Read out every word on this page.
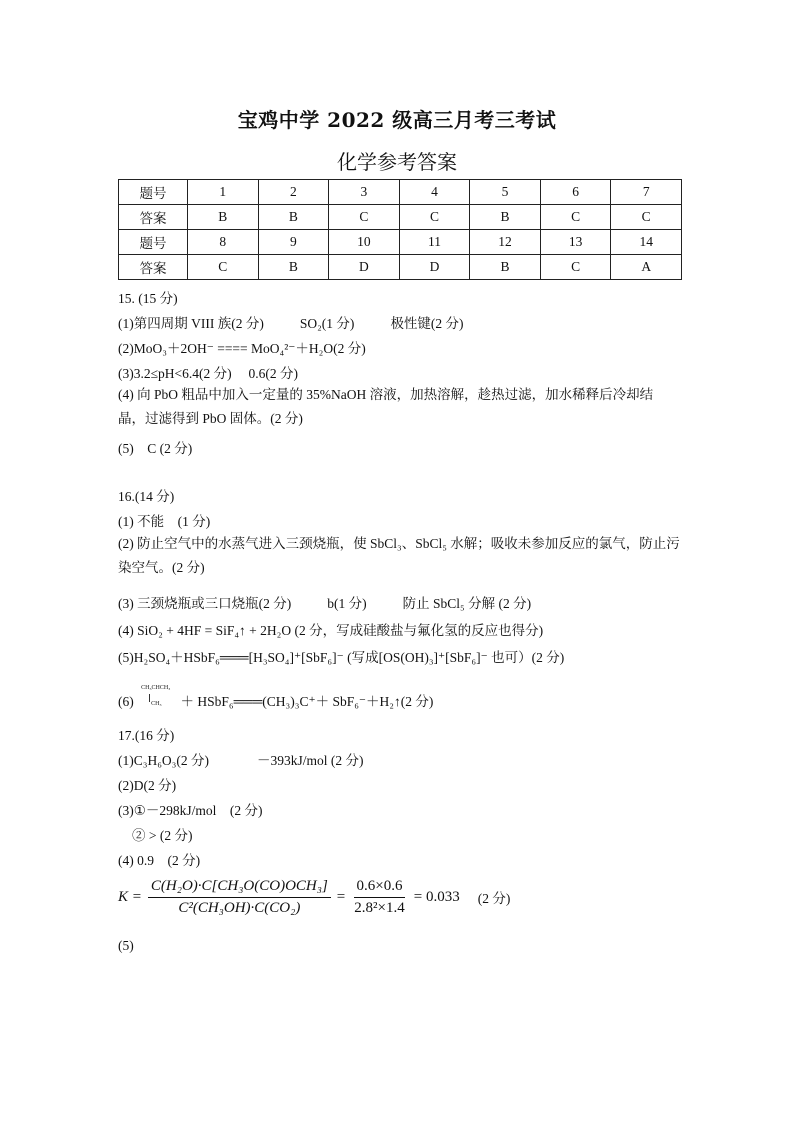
宝鸡中学 2022 级高三月考三考试
化学参考答案
题号	1	2	3	4	5	6	7
答案	B	B	C	C	B	C	C
题号	8	9	10	11	12	13	14
答案	C	B	D	D	B	C	A
15. (15 分)
(1)第四周期 VIII 族(2 分)	SO₂(1 分)	极性键(2 分)
(2)MoO₃＋2OH⁻ ==== MoO₄²⁻＋H₂O(2 分)
(3)3.2≤pH<6.4(2 分)　 0.6(2 分)
(4) 向 PbO 粗品中加入一定量的 35%NaOH 溶液，加热溶解，趁热过滤，加水稀释后冷却结晶，过滤得到 PbO 固体。(2 分)
(5)　C (2 分)
16.(14 分)
(1) 不能　(1 分)
(2) 防止空气中的水蒸气进入三颈烧瓶，使 SbCl₃、SbCl₅ 水解；吸收未参加反应的氯气，防止污染空气。(2 分)
(3) 三颈烧瓶或三口烧瓶(2 分)	b(1 分)	防止 SbCl₅ 分解 (2 分)
(4) SiO₂ + 4HF = SiF₄↑ + 2H₂O (2 分，写成硅酸盐与氟化氢的反应也得分)
(5)H₂SO₄＋HSbF₆═══[H₃SO₄]⁺[SbF₆]⁻ (写成[OS(OH)₃]⁺[SbF₆]⁻ 也可）(2 分)
(6)
CH₃CHCH₃
CH₃ ＋ HSbF₆═══(CH₃)₃C⁺＋ SbF₆⁻＋H₂↑(2 分)
17.(16 分)
(1)C₃H₆O₃(2 分)	－393kJ/mol (2 分)
(2)D(2 分)
(3)①－298kJ/mol　(2 分)
② > (2 分)
(4) 0.9　(2 分)
$K = \frac{\text{C(H₂O)·C[CH₃O(CO)OCH₃]}}{\text{C²(CH₃OH)·C(CO₂)}} = \frac{0.6\times 0.6}{\text{2.8²×1.4}} = 0.033$ (2 分)
(5)
